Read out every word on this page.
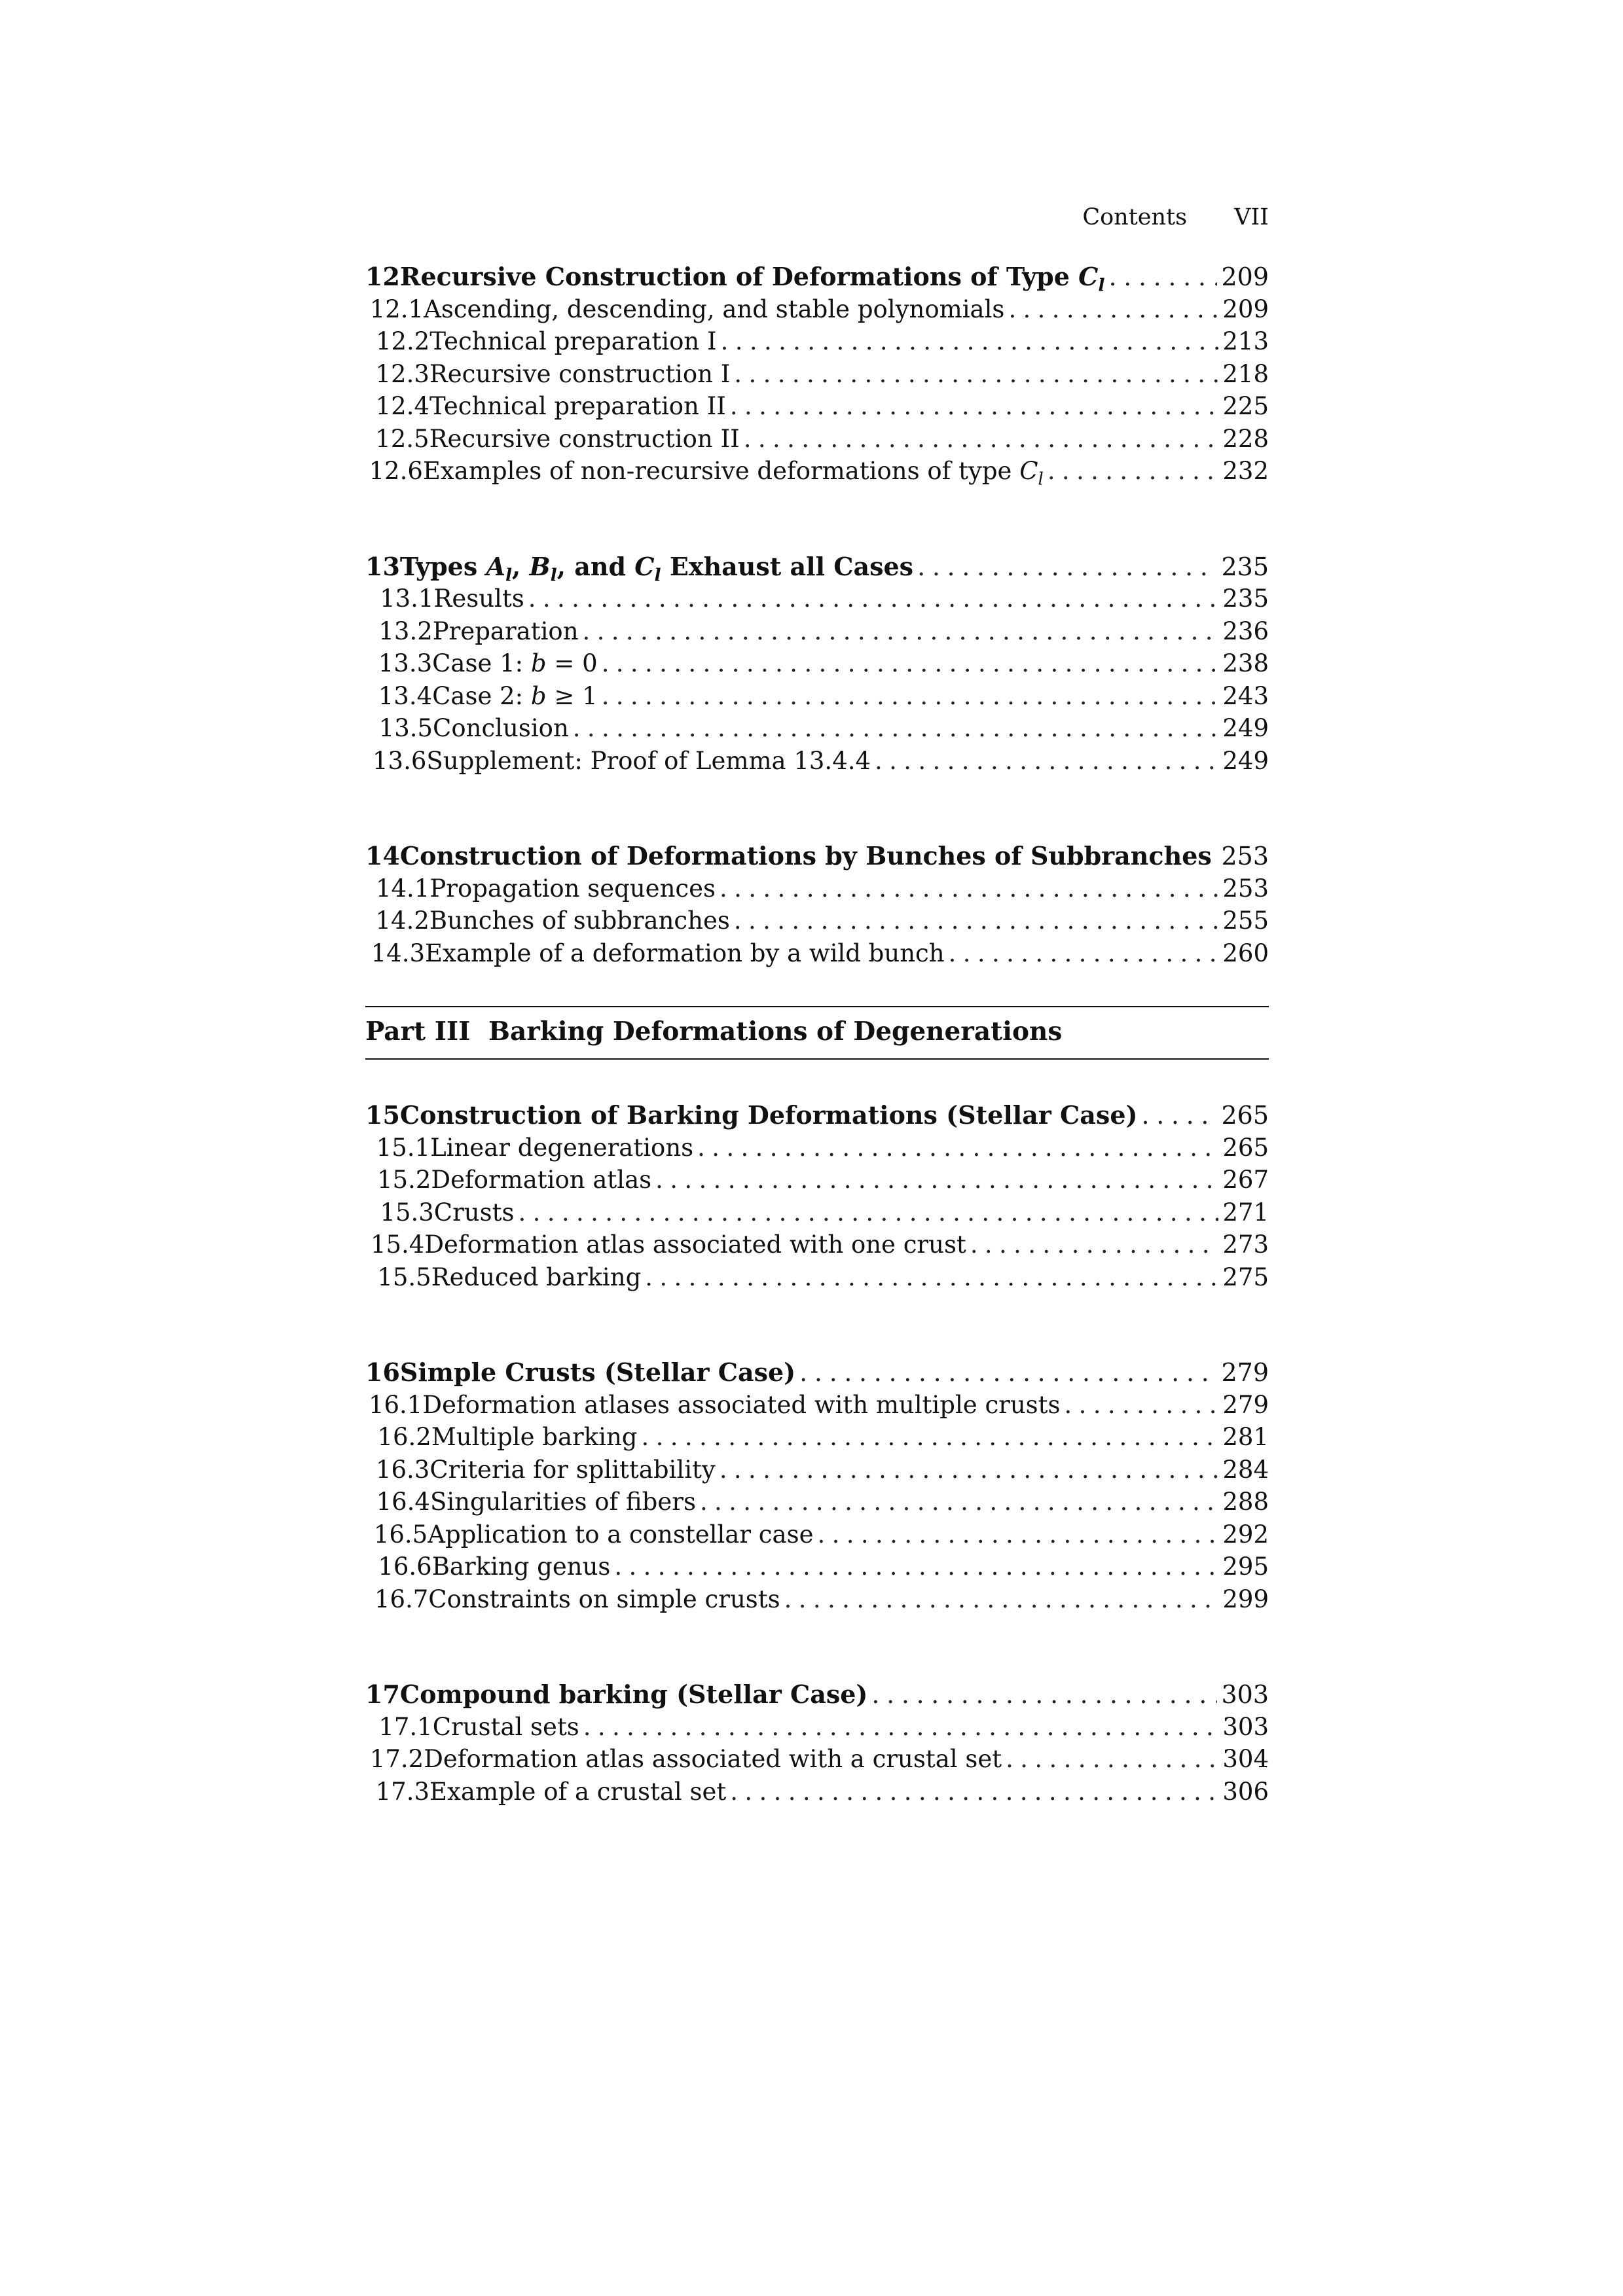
Contents VII
12 Recursive Construction of Deformations of Type $C_l$ .....	209
12.1 Ascending, descending, and stable polynomials .....	209
12.2 Technical preparation I .....	213
12.3 Recursive construction I .....	218
12.4 Technical preparation II .....	225
12.5 Recursive construction II .....	228
12.6 Examples of non-recursive deformations of type $C_l$ .....	232
13 Types $A_l$, $B_l$, and $C_l$ Exhaust all Cases .....	235
13.1 Results .....	235
13.2 Preparation .....	236
13.3 Case 1: b = 0 .....	238
13.4 Case 2: b ≥ 1 .....	243
13.5 Conclusion .....	249
13.6 Supplement: Proof of Lemma 13.4.4 .....	249
14 Construction of Deformations by Bunches of Subbranches ..... 253
14.1 Propagation sequences .....	253
14.2 Bunches of subbranches .....	255
14.3 Example of a deformation by a wild bunch .....	260
Part III Barking Deformations of Degenerations
15 Construction of Barking Deformations (Stellar Case) .....	265
15.1 Linear degenerations .....	265
15.2 Deformation atlas .....	267
15.3 Crusts .....	271
15.4 Deformation atlas associated with one crust .....	273
15.5 Reduced barking .....	275
16 Simple Crusts (Stellar Case) .....	279
16.1 Deformation atlases associated with multiple crusts .....	279
16.2 Multiple barking .....	281
16.3 Criteria for splittability .....	284
16.4 Singularities of fibers .....	288
16.5 Application to a constellar case .....	292
16.6 Barking genus .....	295
16.7 Constraints on simple crusts .....	299
17 Compound barking (Stellar Case) .....	303
17.1 Crustal sets .....	303
17.2 Deformation atlas associated with a crustal set .....	304
17.3 Example of a crustal set .....	306
